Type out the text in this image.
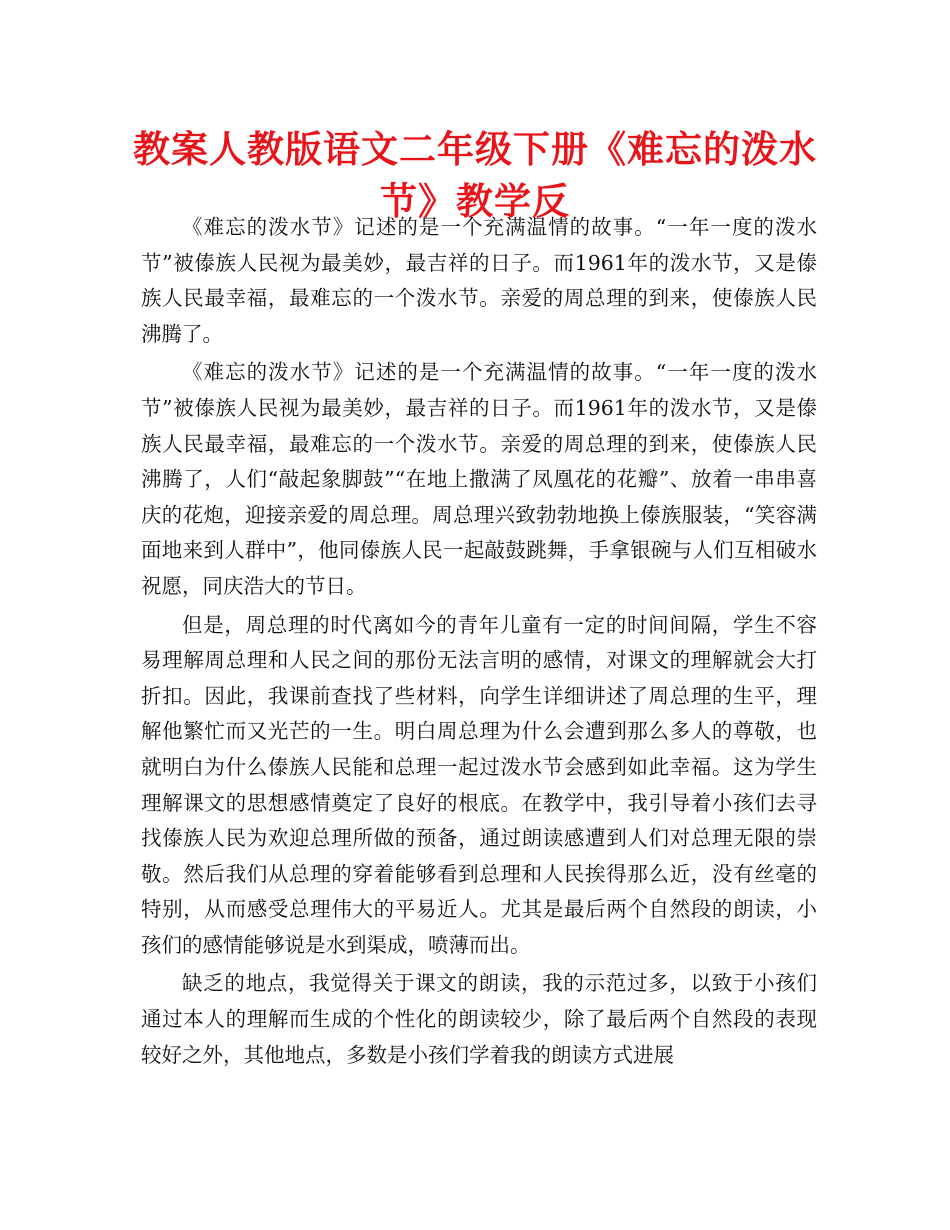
教案人教版语文二年级下册《难忘的泼水节》教学反

《难忘的泼水节》记述的是一个充满温情的故事。“一年一度的泼水节”被傣族人民视为最美妙，最吉祥的日子。而1961年的泼水节，又是傣族人民最幸福，最难忘的一个泼水节。亲爱的周总理的到来，使傣族人民沸腾了。

《难忘的泼水节》记述的是一个充满温情的故事。“一年一度的泼水节”被傣族人民视为最美妙，最吉祥的日子。而1961年的泼水节，又是傣族人民最幸福，最难忘的一个泼水节。亲爱的周总理的到来，使傣族人民沸腾了，人们“敲起象脚鼓”“在地上撒满了凤凰花的花瓣”、放着一串串喜庆的花炮，迎接亲爱的周总理。周总理兴致勃勃地换上傣族服装，“笑容满面地来到人群中”，他同傣族人民一起敲鼓跳舞，手拿银碗与人们互相破水祝愿，同庆浩大的节日。

但是，周总理的时代离如今的青年儿童有一定的时间间隔，学生不容易理解周总理和人民之间的那份无法言明的感情，对课文的理解就会大打折扣。因此，我课前查找了些材料，向学生详细讲述了周总理的生平，理解他繁忙而又光芒的一生。明白周总理为什么会遭到那么多人的尊敬，也就明白为什么傣族人民能和总理一起过泼水节会感到如此幸福。这为学生理解课文的思想感情奠定了良好的根底。在教学中，我引导着小孩们去寻找傣族人民为欢迎总理所做的预备，通过朗读感遭到人们对总理无限的崇敬。然后我们从总理的穿着能够看到总理和人民挨得那么近，没有丝毫的特别，从而感受总理伟大的平易近人。尤其是最后两个自然段的朗读，小孩们的感情能够说是水到渠成，喷薄而出。

缺乏的地点，我觉得关于课文的朗读，我的示范过多，以致于小孩们通过本人的理解而生成的个性化的朗读较少，除了最后两个自然段的表现较好之外，其他地点，多数是小孩们学着我的朗读方式进展
